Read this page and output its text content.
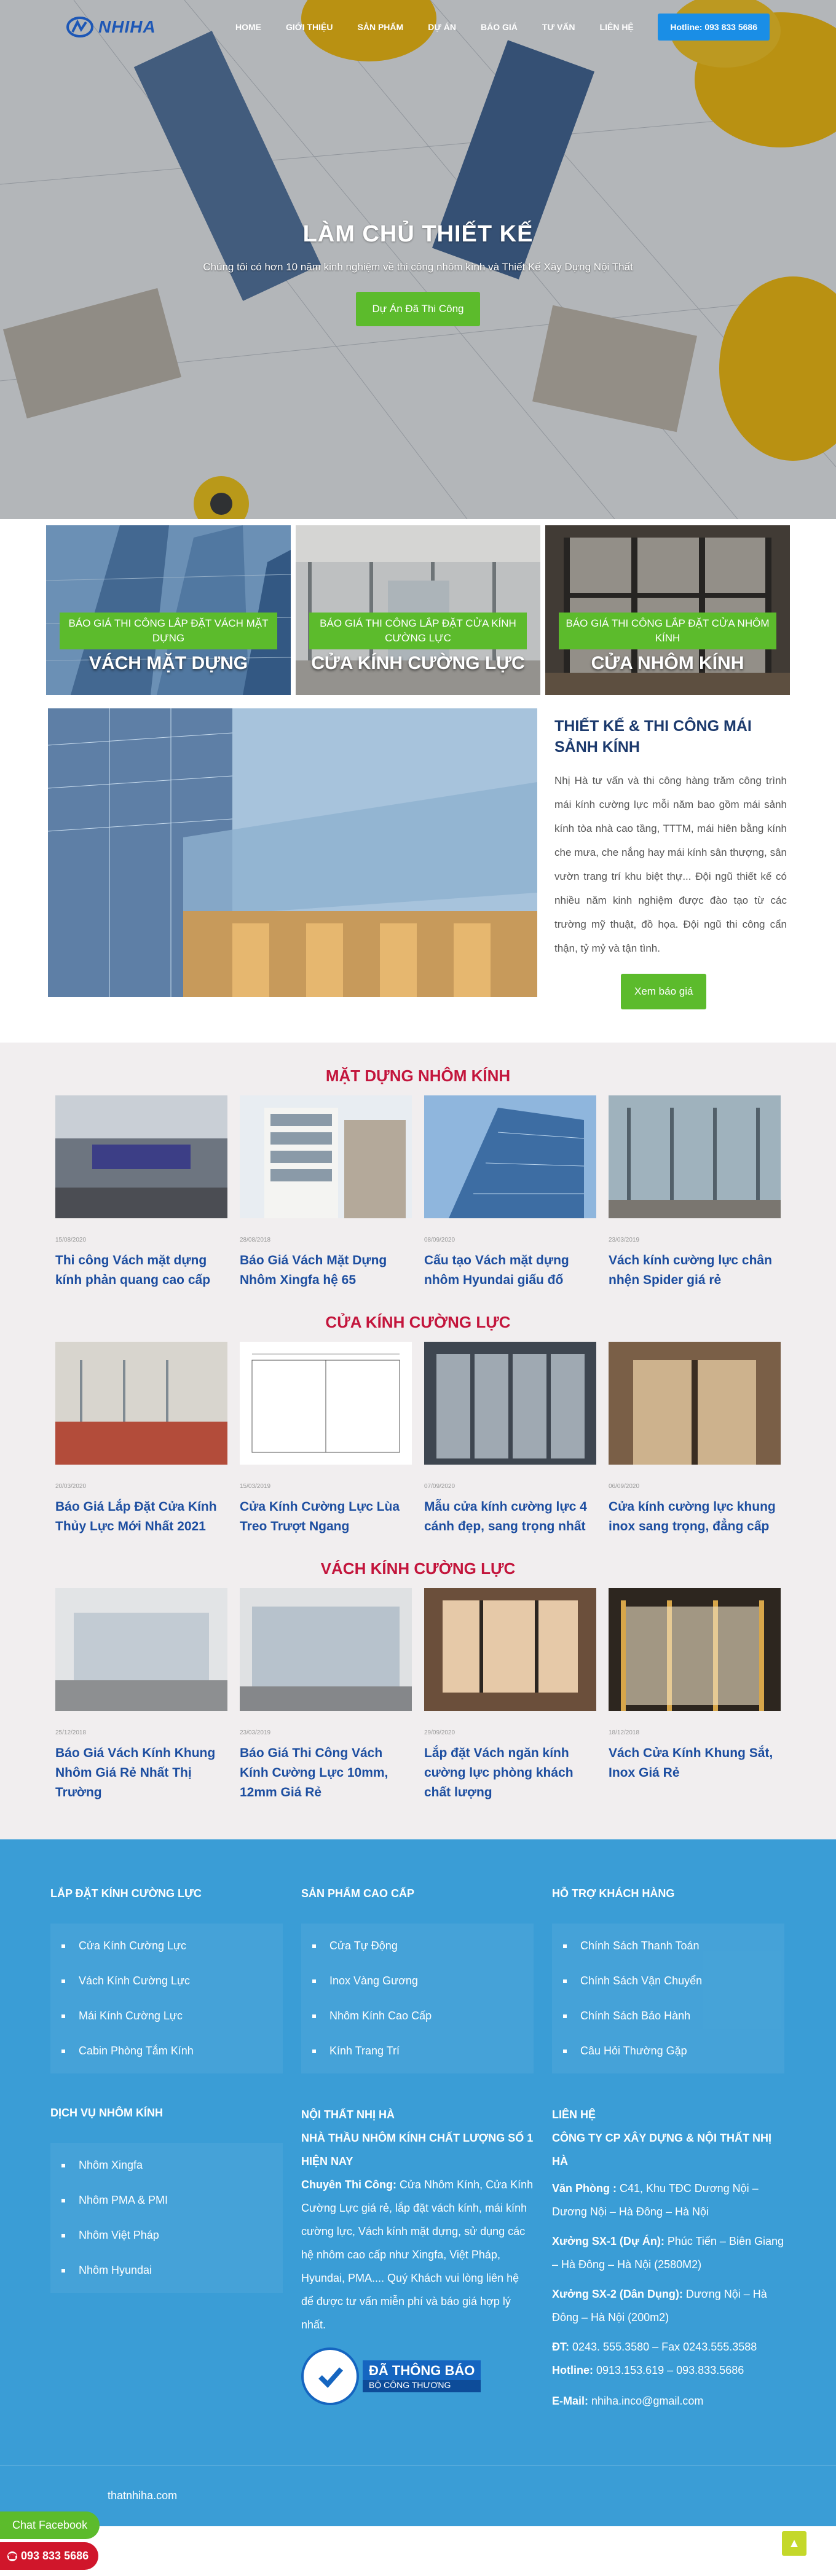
NHIHA	HOME	GIỚI THIỆU	SẢN PHẨM	DỰ ÁN	BÁO GIÁ	TƯ VẤN	LIÊN HỆ	Hotline: 093 833 5686
LÀM CHỦ THIẾT KẾ

Chúng tôi có hơn 10 năm kinh nghiệm về thi công nhôm kính và Thiết Kế Xây Dựng Nội Thất

Dự Án Đã Thi Công
BÁO GIÁ THI CÔNG LẮP ĐẶT VÁCH MẶT DỰNG
VÁCH MẶT DỰNG
BÁO GIÁ THI CÔNG LẮP ĐẶT CỬA KÍNH CƯỜNG LỰC
CỬA KÍNH CƯỜNG LỰC
BÁO GIÁ THI CÔNG LẮP ĐẶT CỬA NHÔM KÍNH
CỬA NHÔM KÍNH
THIẾT KẾ & THI CÔNG MÁI SẢNH KÍNH

Nhị Hà tư vấn và thi công hàng trăm công trình mái kính cường lực mỗi năm bao gồm mái sảnh kính tòa nhà cao tầng, TTTM, mái hiên bằng kính che mưa, che nắng hay mái kính sân thượng, sân vườn trang trí khu biệt thự... Đội ngũ thiết kế có nhiều năm kinh nghiệm được đào tạo từ các trường mỹ thuật, đồ họa. Đội ngũ thi công cẩn thận, tỷ mỷ và tận tình.

Xem báo giá
MẶT DỰNG NHÔM KÍNH
15/08/2020
Thi công Vách mặt dựng kính phản quang cao cấp
28/08/2018
Báo Giá Vách Mặt Dựng Nhôm Xingfa hệ 65
08/09/2020
Cấu tạo Vách mặt dựng nhôm Hyundai giấu đố
23/03/2019
Vách kính cường lực chân nhện Spider giá rẻ
CỬA KÍNH CƯỜNG LỰC
20/03/2020
Báo Giá Lắp Đặt Cửa Kính Thủy Lực Mới Nhất 2021
15/03/2019
Cửa Kính Cường Lực Lùa Treo Trượt Ngang
07/09/2020
Mẫu cửa kính cường lực 4 cánh đẹp, sang trọng nhất
06/09/2020
Cửa kính cường lực khung inox sang trọng, đẳng cấp
VÁCH KÍNH CƯỜNG LỰC
25/12/2018
Báo Giá Vách Kính Khung Nhôm Giá Rẻ Nhất Thị Trường
23/03/2019
Báo Giá Thi Công Vách Kính Cường Lực 10mm, 12mm Giá Rẻ
29/09/2020
Lắp đặt Vách ngăn kính cường lực phòng khách chất lượng
18/12/2018
Vách Cửa Kính Khung Sắt, Inox Giá Rẻ
LẮP ĐẶT KÍNH CƯỜNG LỰC
Cửa Kính Cường Lực
Vách Kính Cường Lực
Mái Kính Cường Lực
Cabin Phòng Tắm Kính
SẢN PHẨM CAO CẤP
Cửa Tự Động
Inox Vàng Gương
Nhôm Kính Cao Cấp
Kính Trang Trí
HỖ TRỢ KHÁCH HÀNG
Chính Sách Thanh Toán
Chính Sách Vận Chuyển
Chính Sách Bảo Hành
Câu Hỏi Thường Gặp
DỊCH VỤ NHÔM KÍNH
Nhôm Xingfa
Nhôm PMA & PMI
Nhôm Việt Pháp
Nhôm Hyundai
NỘI THẤT NHỊ HÀ
NHÀ THẦU NHÔM KÍNH CHẤT LƯỢNG SỐ 1 HIỆN NAY

Chuyên Thi Công: Cửa Nhôm Kính, Cửa Kính Cường Lực giá rẻ, lắp đặt vách kính, mái kính cường lực, Vách kính mặt dựng, sử dụng các hệ nhôm cao cấp như Xingfa, Việt Pháp, Hyundai, PMA.... Quý Khách vui lòng liên hệ để được tư vấn miễn phí và báo giá hợp lý nhất.

ĐÃ THÔNG BÁO
BỘ CÔNG THƯƠNG
LIÊN HỆ
CÔNG TY CP XÂY DỰNG & NỘI THẤT NHỊ HÀ

Văn Phòng : C41, Khu TĐC Dương Nội – Dương Nội – Hà Đông – Hà Nội

Xưởng SX-1 (Dự Án): Phúc Tiến – Biên Giang – Hà Đông – Hà Nội (2580M2)

Xưởng SX-2 (Dân Dụng): Dương Nội – Hà Đông – Hà Nội (200m2)

ĐT: 0243. 555.3580 – Fax 0243.555.3588

Hotline: 0913.153.619 – 093.833.5686

E-Mail: nhiha.inco@gmail.com

thatnhiha.com
Chat Facebook
☎ 093 833 5686
▲
